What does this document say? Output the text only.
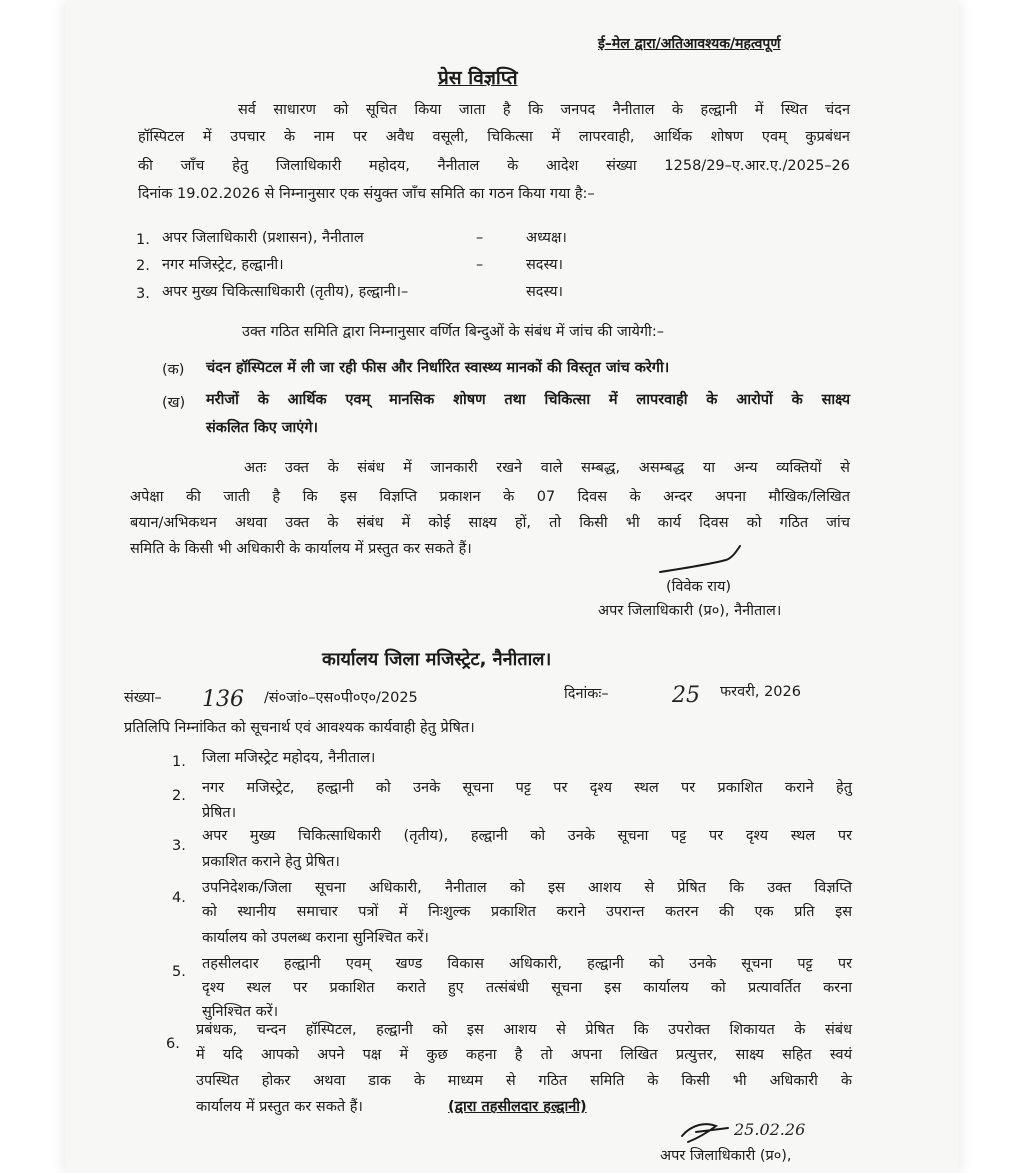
ई–मेल द्वारा/अतिआवश्यक/महत्वपूर्ण
प्रेस विज्ञप्ति
सर्व साधारण को सूचित किया जाता है कि जनपद नैनीताल के हल्द्वानी में स्थित चंदन
हॉस्पिटल में उपचार के नाम पर अवैध वसूली, चिकित्सा में लापरवाही, आर्थिक शोषण एवम् कुप्रबंधन
की जाँच हेतु जिलाधिकारी महोदय, नैनीताल के आदेश संख्या 1258/29–ए.आर.ए./2025–26
दिनांक 19.02.2026 से निम्नानुसार एक संयुक्त जाँच समिति का गठन किया गया है:–
1. अपर जिलाधिकारी (प्रशासन), नैनीताल	–	अध्यक्ष।
2. नगर मजिस्ट्रेट, हल्द्वानी।	–	सदस्य।
3. अपर मुख्य चिकित्साधिकारी (तृतीय), हल्द्वानी।–	सदस्य।
उक्त गठित समिति द्वारा निम्नानुसार वर्णित बिन्दुओं के संबंध में जांच की जायेगी:–
(क) चंदन हॉस्पिटल में ली जा रही फीस और निर्धारित स्वास्थ्य मानकों की विस्तृत जांच करेगी।
(ख) मरीजों के आर्थिक एवम् मानसिक शोषण तथा चिकित्सा में लापरवाही के आरोपों के साक्ष्य
संकलित किए जाएंगे।
अतः उक्त के संबंध में जानकारी रखने वाले सम्बद्ध, असम्बद्ध या अन्य व्यक्तियों से
अपेक्षा की जाती है कि इस विज्ञप्ति प्रकाशन के 07 दिवस के अन्दर अपना मौखिक/लिखित
बयान/अभिकथन अथवा उक्त के संबंध में कोई साक्ष्य हों, तो किसी भी कार्य दिवस को गठित जांच
समिति के किसी भी अधिकारी के कार्यालय में प्रस्तुत कर सकते हैं।
(विवेक राय)
अपर जिलाधिकारी (प्र०), नैनीताल।
कार्यालय जिला मजिस्ट्रेट, नैनीताल।
संख्या– 136 /सं०जां०–एस०पी०ए०/2025	दिनांकः–	25 फरवरी, 2026
प्रतिलिपि निम्नांकित को सूचनार्थ एवं आवश्यक कार्यवाही हेतु प्रेषित।
1. जिला मजिस्ट्रेट महोदय, नैनीताल।
2. नगर मजिस्ट्रेट, हल्द्वानी को उनके सूचना पट्ट पर दृश्य स्थल पर प्रकाशित कराने हेतु
प्रेषित।
3.
अपर मुख्य चिकित्साधिकारी (तृतीय), हल्द्वानी को उनके सूचना पट्ट पर दृश्य स्थल पर
प्रकाशित कराने हेतु प्रेषित।
4.
उपनिदेशक/जिला सूचना अधिकारी, नैनीताल को इस आशय से प्रेषित कि उक्त विज्ञप्ति
को स्थानीय समाचार पत्रों में निःशुल्क प्रकाशित कराने उपरान्त कतरन की एक प्रति इस
कार्यालय को उपलब्ध कराना सुनिश्चित करें।
5. तहसीलदार हल्द्वानी एवम् खण्ड विकास अधिकारी, हल्द्वानी को उनके सूचना पट्ट पर
दृश्य स्थल पर प्रकाशित कराते हुए तत्संबंधी सूचना इस कार्यालय को प्रत्यावर्तित करना
सुनिश्चित करें।
6.
प्रबंधक, चन्दन हॉस्पिटल, हल्द्वानी को इस आशय से प्रेषित कि उपरोक्त शिकायत के संबंध
में यदि आपको अपने पक्ष में कुछ कहना है तो अपना लिखित प्रत्युत्तर, साक्ष्य सहित स्वयं
उपस्थित होकर अथवा डाक के माध्यम से गठित समिति के किसी भी अधिकारी के
कार्यालय में प्रस्तुत कर सकते हैं।	(द्वारा तहसीलदार हल्द्वानी)
25.02.26
अपर जिलाधिकारी (प्र०),
